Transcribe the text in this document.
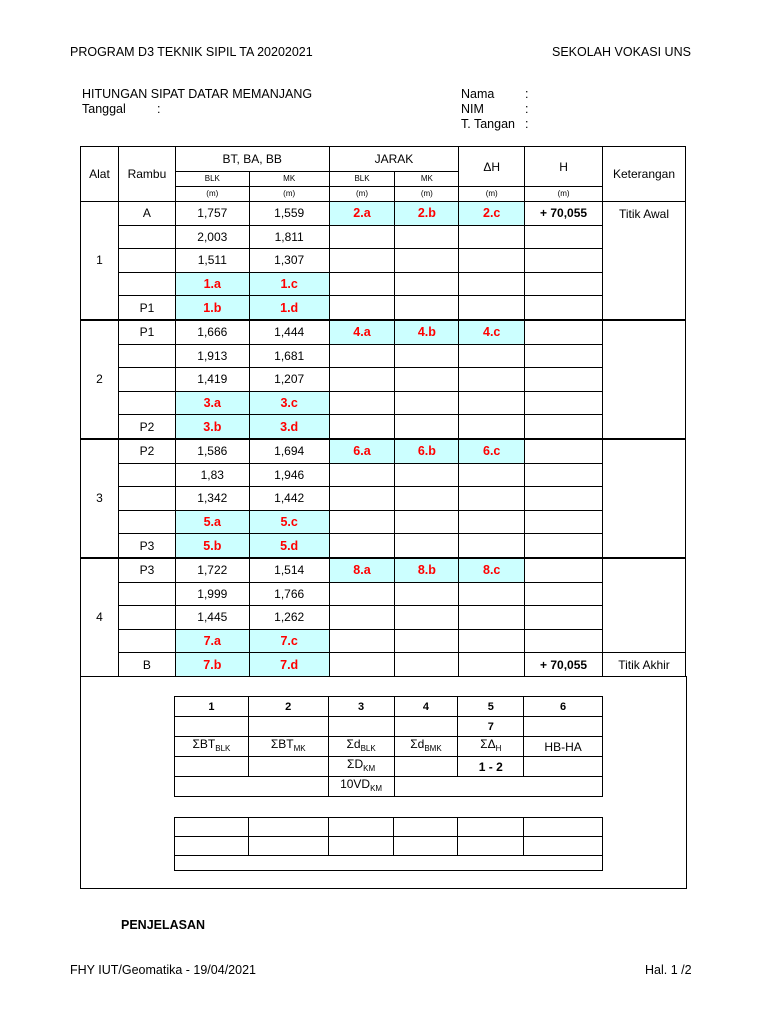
PROGRAM D3 TEKNIK SIPIL TA 20202021	SEKOLAH VOKASI UNS
HITUNGAN SIPAT DATAR MEMANJANG
Tanggal :
Nama :
NIM	:
T. Tangan :
Alat	Rambu	BT, BA, BB		JARAK		ΔH	H	Keterangan
		BLK	MK	BLK	MK			
		(m)	(m)	(m)	(m)	(m)	(m)	
1	A	1,757	1,559	2.a	2.b	2.c	+ 70,055	Titik Awal
		2,003	1,811					
		1,511	1,307					
		1.a	1.c					
	P1	1.b	1.d					
2	P1	1,666	1,444	4.a	4.b	4.c		
		1,913	1,681					
		1,419	1,207					
		3.a	3.c					
	P2	3.b	3.d					
3	P2	1,586	1,694	6.a	6.b	6.c		
		1,83	1,946					
		1,342	1,442					
		5.a	5.c					
	P3	5.b	5.d					
4	P3	1,722	1,514	8.a	8.b	8.c		
		1,999	1,766					
		1,445	1,262					
		7.a	7.c					
	B	7.b	7.d				+ 70,055	Titik Akhir
1	2	3	4	5	6
				7	
$\Sigma BT_{BLK}$	$\Sigma BT_{MK}$	$\Sigma d_{BLK}$	$\Sigma d_{BMK}$	$\Sigma\Delta_H$	HB-HA
		$\Sigma D_{KM}$		1 - 2	
		$10VD_{KM}$	

PENJELASAN
FHY IUT/Geomatika - 19/04/2021	Hal. 1 /2
